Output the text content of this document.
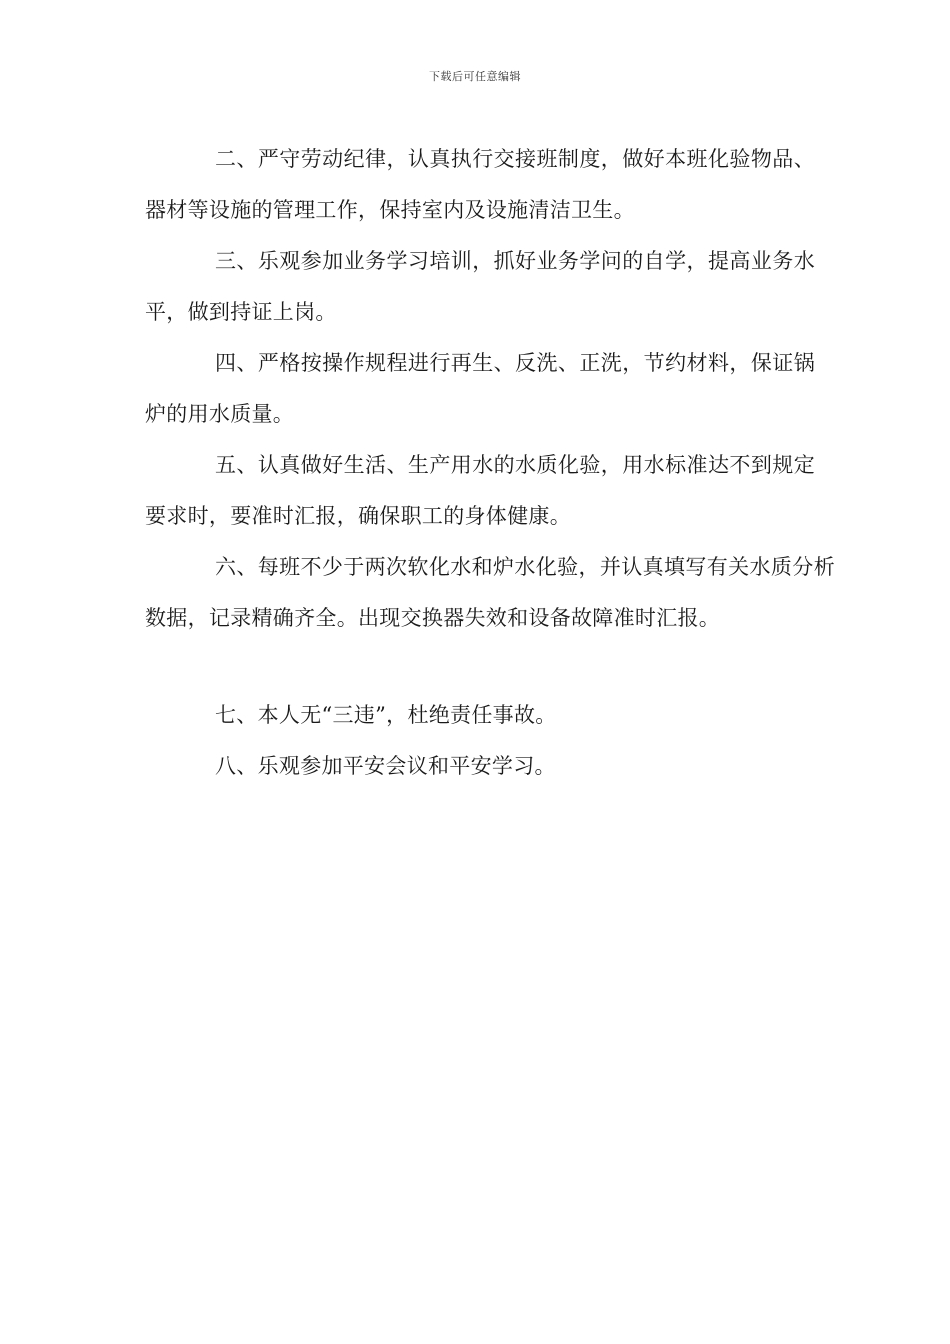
下载后可任意编辑

二、严守劳动纪律，认真执行交接班制度，做好本班化验物品、器材等设施的管理工作，保持室内及设施清洁卫生。

三、乐观参加业务学习培训，抓好业务学问的自学，提高业务水平，做到持证上岗。

四、严格按操作规程进行再生、反洗、正洗，节约材料，保证锅炉的用水质量。

五、认真做好生活、生产用水的水质化验，用水标准达不到规定要求时，要准时汇报，确保职工的身体健康。

六、每班不少于两次软化水和炉水化验，并认真填写有关水质分析数据，记录精确齐全。出现交换器失效和设备故障准时汇报。

七、本人无“三违”，杜绝责任事故。

八、乐观参加平安会议和平安学习。
